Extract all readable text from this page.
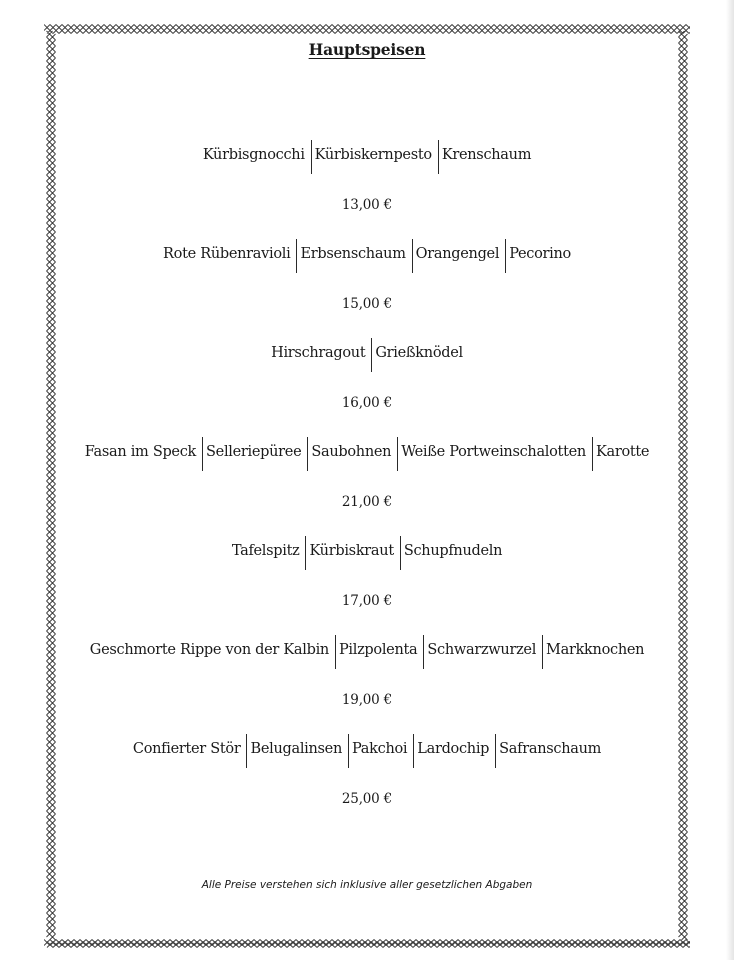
Hauptspeisen
Kürbisgnocchi Kürbiskernpesto Krenschaum
13,00 €
Rote Rübenravioli Erbsenschaum Orangengel Pecorino
15,00 €
Hirschragout Grießknödel
16,00 €
Fasan im Speck Selleriepüree Saubohnen Weiße Portweinschalotten Karotte
21,00 €
Tafelspitz Kürbiskraut Schupfnudeln
17,00 €
Geschmorte Rippe von der Kalbin Pilzpolenta Schwarzwurzel Markknochen
19,00 €
Confierter Stör Belugalinsen Pakchoi Lardochip Safranschaum
25,00 €
Alle Preise verstehen sich inklusive aller gesetzlichen Abgaben
